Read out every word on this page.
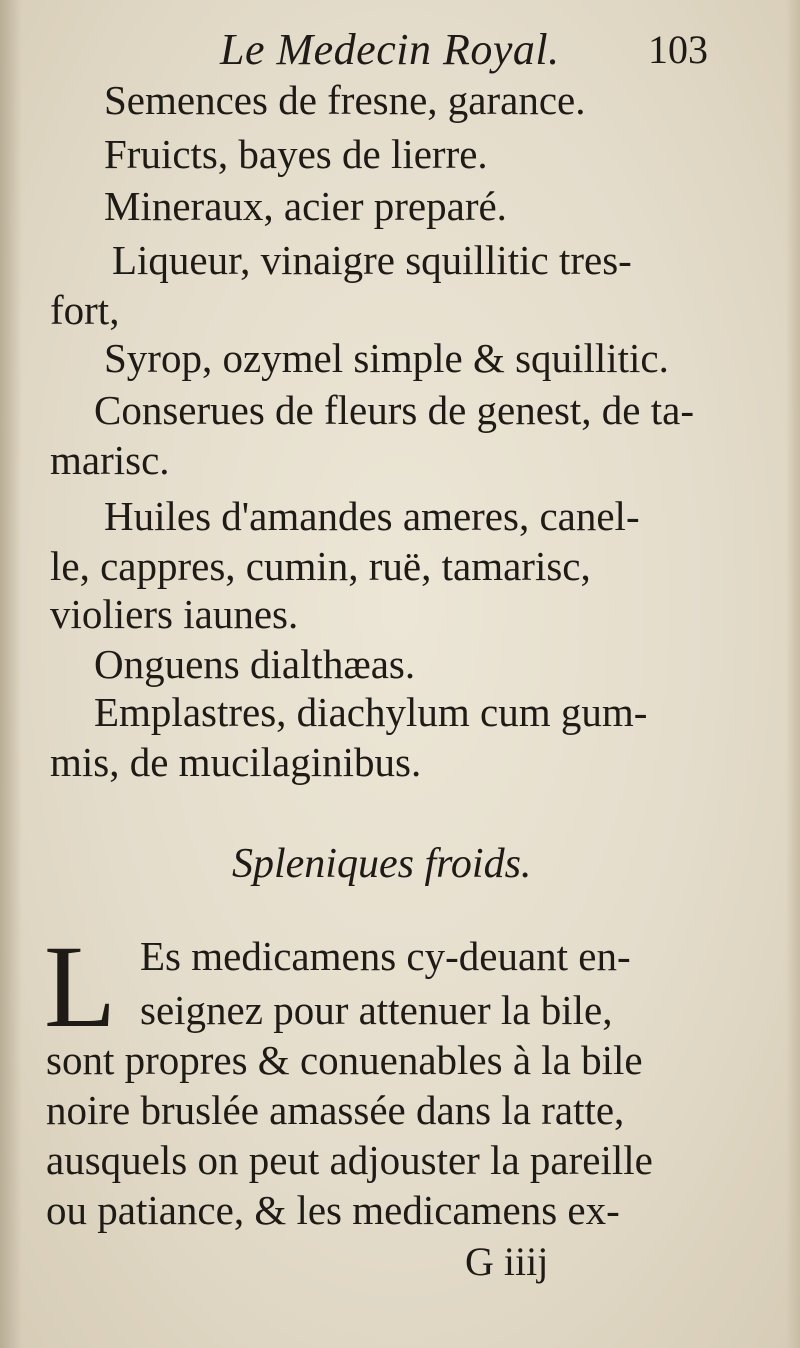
Le Medecin Royal. 103
Semences de fresne, garance.
Fruicts, bayes de lierre.
Mineraux, acier preparé.
Liqueur, vinaigre squillitic tres-
fort,
Syrop, ozymel simple & squillitic.
Conserues de fleurs de genest, de ta-
marisc.
Huiles d'amandes ameres, canel-
le, cappres, cumin, ruë, tamarisc,
violiers iaunes.
Onguens dialthæas.
Emplastres, diachylum cum gum-
mis, de mucilaginibus.
Spleniques froids.
L Es medicamens cy-deuant en-
seignez pour attenuer la bile,
sont propres & conuenables à la bile
noire bruslée amassée dans la ratte,
ausquels on peut adjouster la pareille
ou patiance, & les medicamens ex-
G iiij
